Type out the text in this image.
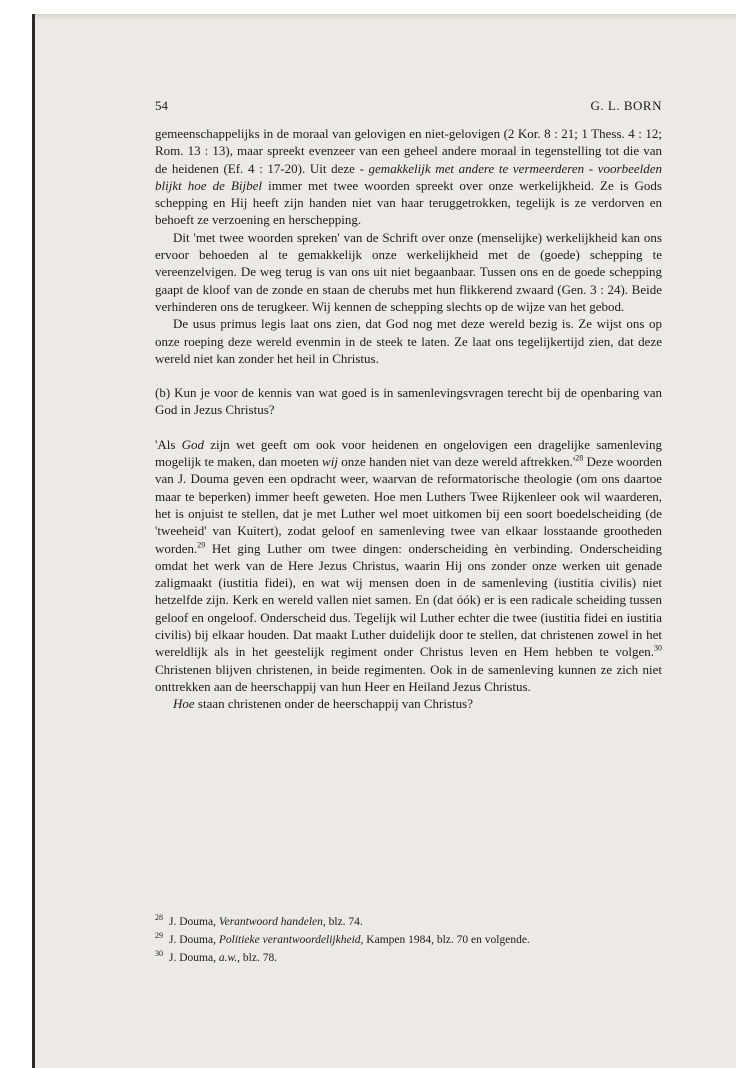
54	G. L. BORN

gemeenschappelijks in de moraal van gelovigen en niet-gelovigen (2 Kor. 8 : 21; 1 Thess. 4 : 12; Rom. 13 : 13), maar spreekt evenzeer van een geheel andere moraal in tegenstelling tot die van de heidenen (Ef. 4 : 17-20). Uit deze - gemakkelijk met andere te vermeerderen - voorbeelden blijkt hoe de Bijbel immer met twee woorden spreekt over onze werkelijkheid. Ze is Gods schepping en Hij heeft zijn handen niet van haar teruggetrokken, tegelijk is ze verdorven en behoeft ze verzoening en herschepping.

Dit 'met twee woorden spreken' van de Schrift over onze (menselijke) werkelijkheid kan ons ervoor behoeden al te gemakkelijk onze werkelijkheid met de (goede) schepping te vereenzelvigen. De weg terug is van ons uit niet begaanbaar. Tussen ons en de goede schepping gaapt de kloof van de zonde en staan de cherubs met hun flikkerend zwaard (Gen. 3 : 24). Beide verhinderen ons de terugkeer. Wij kennen de schepping slechts op de wijze van het gebod.

De usus primus legis laat ons zien, dat God nog met deze wereld bezig is. Ze wijst ons op onze roeping deze wereld evenmin in de steek te laten. Ze laat ons tegelijkertijd zien, dat deze wereld niet kan zonder het heil in Christus.

(b) Kun je voor de kennis van wat goed is in samenlevingsvragen terecht bij de openbaring van God in Jezus Christus?

'Als God zijn wet geeft om ook voor heidenen en ongelovigen een dragelijke samenleving mogelijk te maken, dan moeten wij onze handen niet van deze wereld $aftrekken.'^{28}$ Deze woorden van J. Douma geven een opdracht weer, waarvan de reformatorische theologie (om ons daartoe maar te beperken) immer heeft geweten. Hoe men Luthers Twee Rijkenleer ook wil waarderen, het is onjuist te stellen, dat je met Luther wel moet uitkomen bij een soort boedelscheiding (de 'tweeheid' van Kuitert), zodat geloof en samenleving twee van elkaar losstaande grootheden worden.$^{29}$ Het ging Luther om twee dingen: onderscheiding èn verbinding. Onderscheiding omdat het werk van de Here Jezus Christus, waarin Hij ons zonder onze werken uit genade zaligmaakt (iustitia fidei), en wat wij mensen doen in de samenleving (iustitia civilis) niet hetzelfde zijn. Kerk en wereld vallen niet samen. En (dat óók) er is een radicale scheiding tussen geloof en ongeloof. Onderscheid dus. Tegelijk wil Luther echter die twee (iustitia fidei en iustitia civilis) bij elkaar houden. Dat maakt Luther duidelijk door te stellen, dat christenen zowel in het wereldlijk als in het geestelijk regiment onder Christus leven en Hem hebben te volgen.$^{30}$ Christenen blijven christenen, in beide regimenten. Ook in de samenleving kunnen ze zich niet onttrekken aan de heerschappij van hun Heer en Heiland Jezus Christus.

Hoe staan christenen onder de heerschappij van Christus?

$^{28}$ J. Douma, Verantwoord handelen, blz. 74.

$^{29}$ J. Douma, Politieke verantwoordelijkheid, Kampen 1984, blz. 70 en volgende.

$^{30}$ J. Douma, a.w., blz. 78.
